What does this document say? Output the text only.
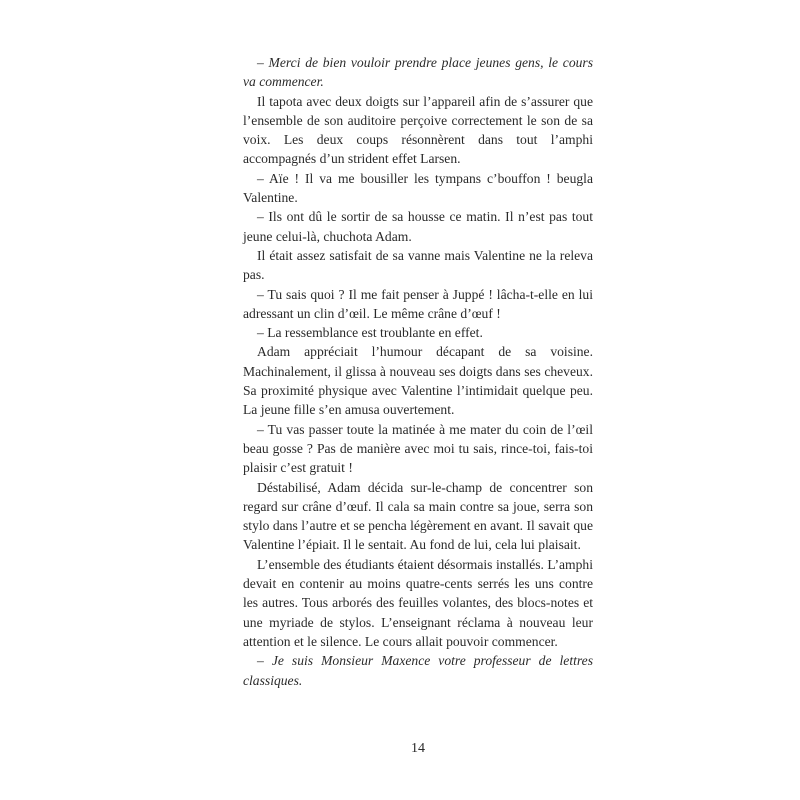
– Merci de bien vouloir prendre place jeunes gens, le cours va commencer.

Il tapota avec deux doigts sur l’appareil afin de s’assurer que l’ensemble de son auditoire perçoive correctement le son de sa voix. Les deux coups résonnèrent dans tout l’amphi accompagnés d’un strident effet Larsen.

– Aïe ! Il va me bousiller les tympans c’bouffon ! beugla Valentine.

– Ils ont dû le sortir de sa housse ce matin. Il n’est pas tout jeune celui-là, chuchota Adam.

Il était assez satisfait de sa vanne mais Valentine ne la releva pas.

– Tu sais quoi ? Il me fait penser à Juppé ! lâcha-t-elle en lui adressant un clin d’œil. Le même crâne d’œuf !

– La ressemblance est troublante en effet.

Adam appréciait l’humour décapant de sa voisine. Machinalement, il glissa à nouveau ses doigts dans ses cheveux. Sa proximité physique avec Valentine l’intimidait quelque peu. La jeune fille s’en amusa ouvertement.

– Tu vas passer toute la matinée à me mater du coin de l’œil beau gosse ? Pas de manière avec moi tu sais, rince-toi, fais-toi plaisir c’est gratuit !

Déstabilisé, Adam décida sur-le-champ de concentrer son regard sur crâne d’œuf. Il cala sa main contre sa joue, serra son stylo dans l’autre et se pencha légèrement en avant. Il savait que Valentine l’épiait. Il le sentait. Au fond de lui, cela lui plaisait.

L’ensemble des étudiants étaient désormais installés. L’amphi devait en contenir au moins quatre-cents serrés les uns contre les autres. Tous arborés des feuilles volantes, des blocs-notes et une myriade de stylos. L’enseignant réclama à nouveau leur attention et le silence. Le cours allait pouvoir commencer.

– Je suis Monsieur Maxence votre professeur de lettres classiques.

14
